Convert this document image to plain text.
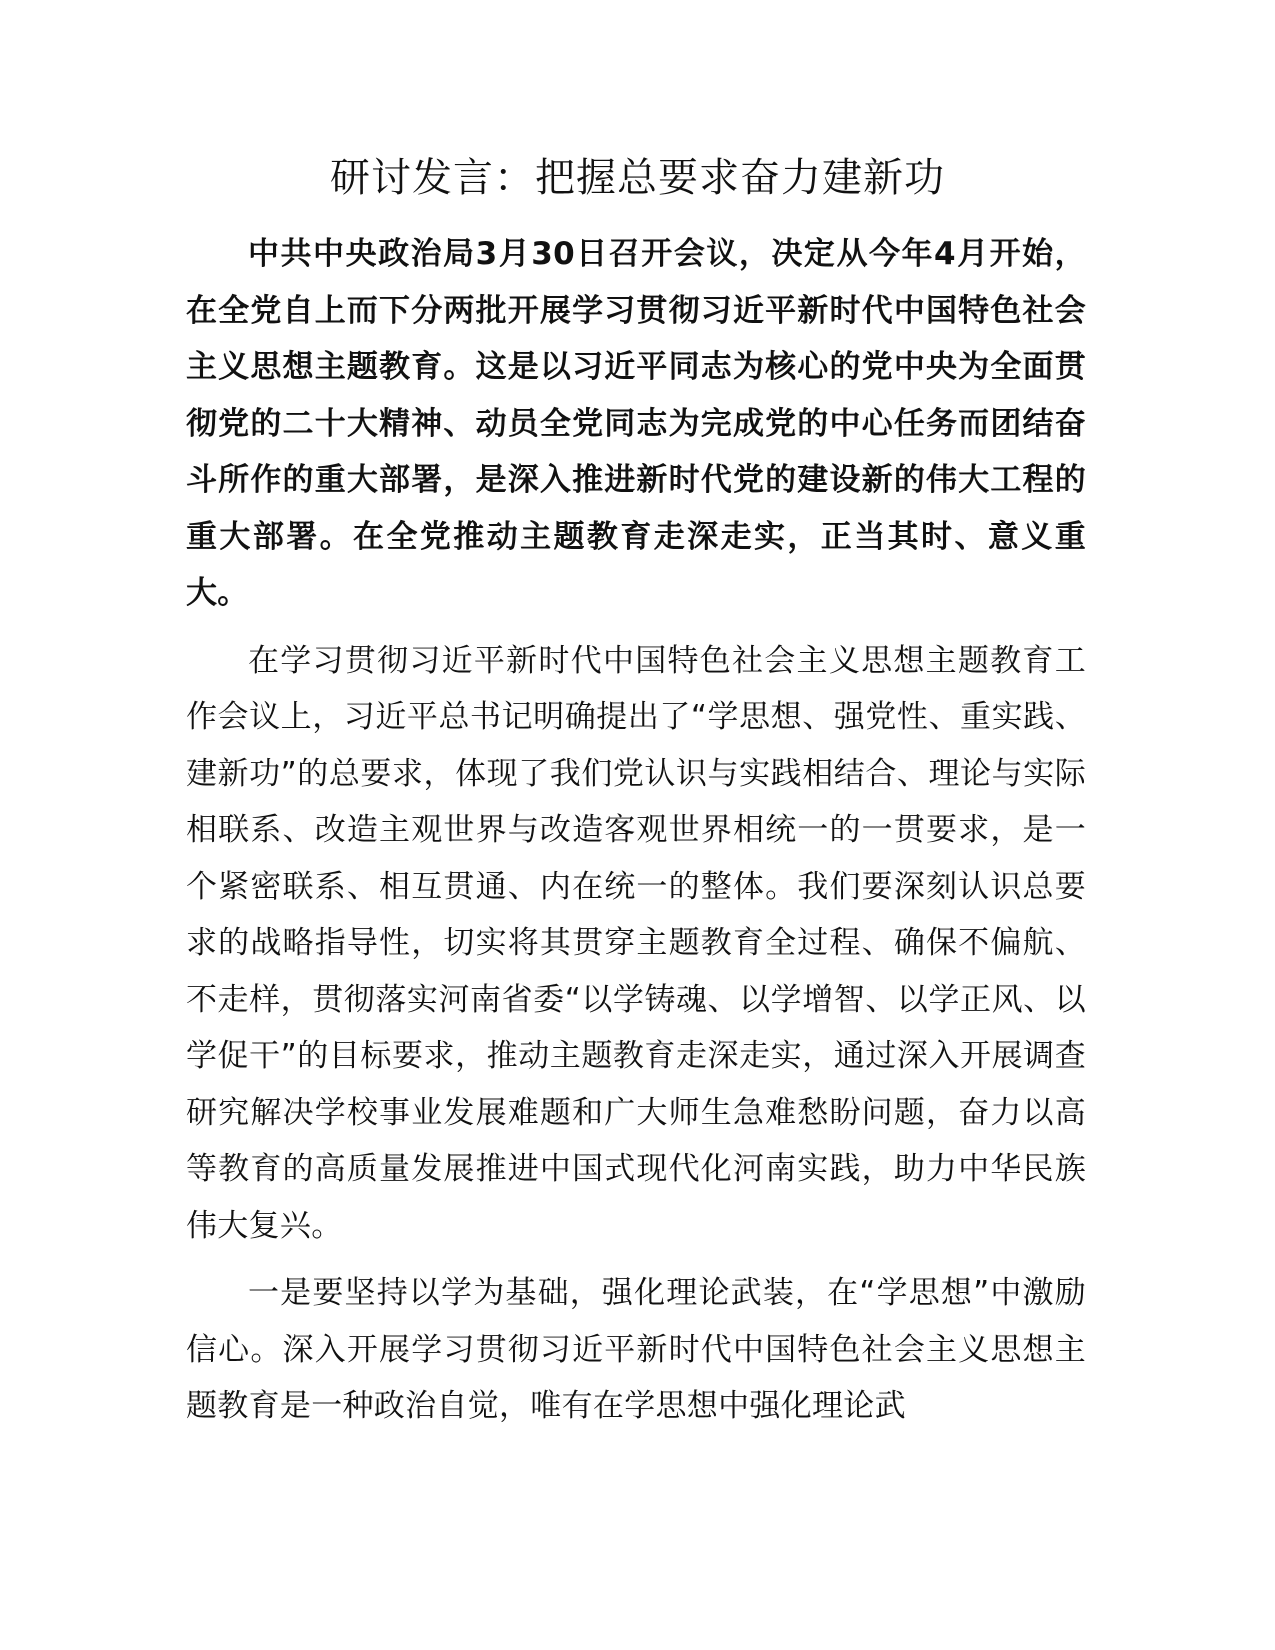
研讨发言：把握总要求奋力建新功

中共中央政治局3月30日召开会议，决定从今年4月开始，在全党自上而下分两批开展学习贯彻习近平新时代中国特色社会主义思想主题教育。这是以习近平同志为核心的党中央为全面贯彻党的二十大精神、动员全党同志为完成党的中心任务而团结奋斗所作的重大部署，是深入推进新时代党的建设新的伟大工程的重大部署。在全党推动主题教育走深走实，正当其时、意义重大。

在学习贯彻习近平新时代中国特色社会主义思想主题教育工作会议上，习近平总书记明确提出了“学思想、强党性、重实践、建新功”的总要求，体现了我们党认识与实践相结合、理论与实际相联系、改造主观世界与改造客观世界相统一的一贯要求，是一个紧密联系、相互贯通、内在统一的整体。我们要深刻认识总要求的战略指导性，切实将其贯穿主题教育全过程、确保不偏航、不走样，贯彻落实河南省委“以学铸魂、以学增智、以学正风、以学促干”的目标要求，推动主题教育走深走实，通过深入开展调查研究解决学校事业发展难题和广大师生急难愁盼问题，奋力以高等教育的高质量发展推进中国式现代化河南实践，助力中华民族伟大复兴。

一是要坚持以学为基础，强化理论武装，在“学思想”中激励信心。深入开展学习贯彻习近平新时代中国特色社会主义思想主题教育是一种政治自觉，唯有在学思想中强化理论武
